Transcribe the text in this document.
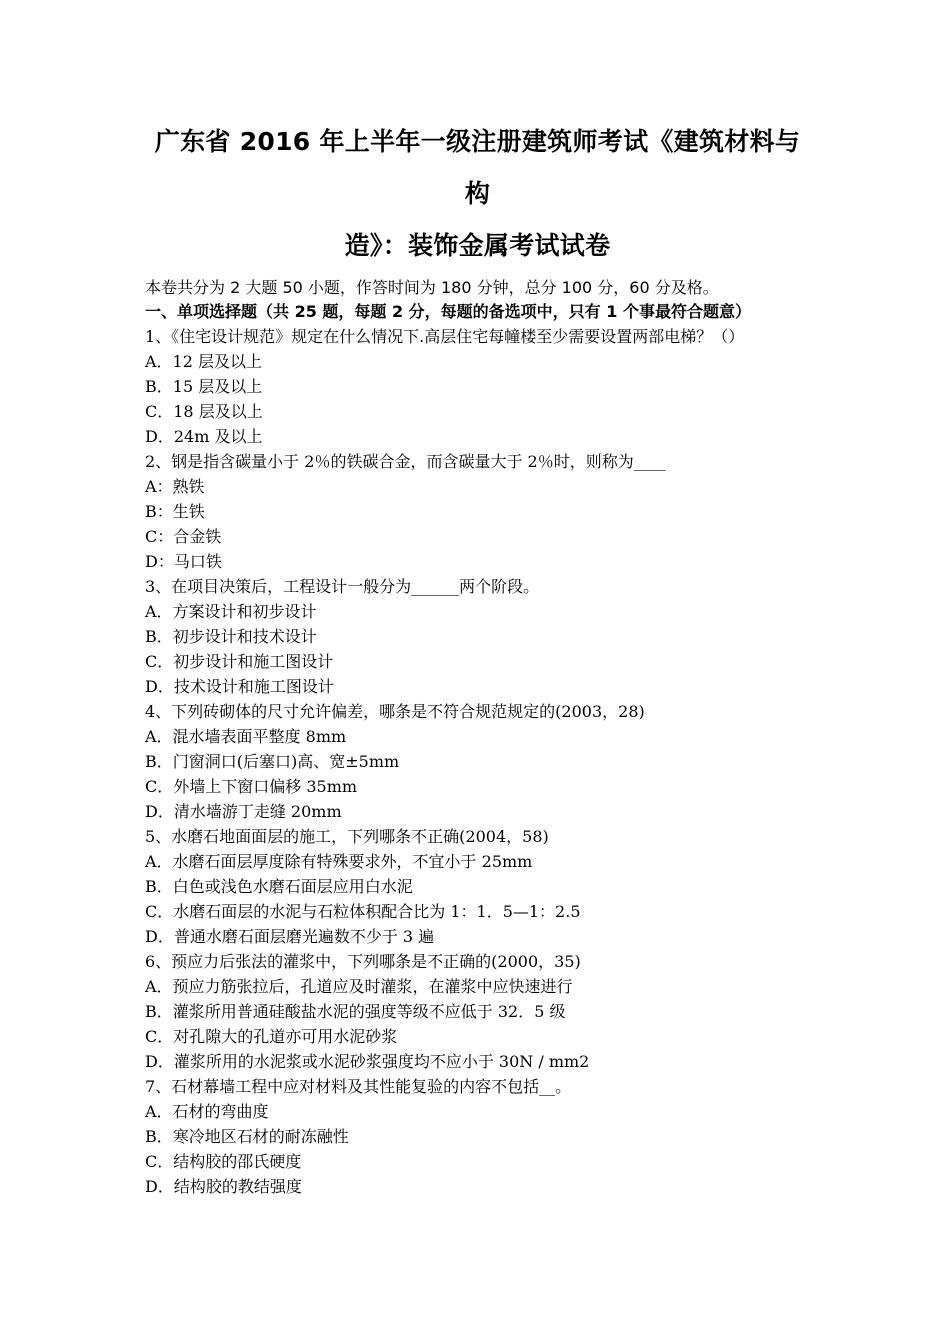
广东省 2016 年上半年一级注册建筑师考试《建筑材料与构
造》：装饰金属考试试卷

本卷共分为 2 大题 50 小题，作答时间为 180 分钟，总分 100 分，60 分及格。

一、单项选择题（共 25 题，每题 2 分，每题的备选项中，只有 1 个事最符合题意）

1、《住宅设计规范》规定在什么情况下.高层住宅每幢楼至少需要设置两部电梯？（）

A．12 层及以上

B．15 层及以上

C．18 层及以上

D．24m 及以上

2、钢是指含碳量小于 2％的铁碳合金，而含碳量大于 2％时，则称为____

A：熟铁

B：生铁

C：合金铁

D：马口铁

3、在项目决策后，工程设计一般分为______两个阶段。

A．方案设计和初步设计

B．初步设计和技术设计

C．初步设计和施工图设计

D．技术设计和施工图设计

4、下列砖砌体的尺寸允许偏差，哪条是不符合规范规定的(2003，28)

A．混水墙表面平整度 8mm

B．门窗洞口(后塞口)高、宽±5mm

C．外墙上下窗口偏移 35mm

D．清水墙游丁走缝 20mm

5、水磨石地面面层的施工，下列哪条不正确(2004，58)

A．水磨石面层厚度除有特殊要求外，不宜小于 25mm

B．白色或浅色水磨石面层应用白水泥

C．水磨石面层的水泥与石粒体积配合比为 1：1．5—1：2.5

D．普通水磨石面层磨光遍数不少于 3 遍

6、预应力后张法的灌浆中，下列哪条是不正确的(2000，35)

A．预应力筋张拉后，孔道应及时灌浆，在灌浆中应快速进行

B．灌浆所用普通硅酸盐水泥的强度等级不应低于 32．5 级

C．对孔隙大的孔道亦可用水泥砂浆

D．灌浆所用的水泥浆或水泥砂浆强度均不应小于 30N / mm2

7、石材幕墙工程中应对材料及其性能复验的内容不包括__。

A．石材的弯曲度

B．寒冷地区石材的耐冻融性

C．结构胶的邵氏硬度

D．结构胶的教结强度
